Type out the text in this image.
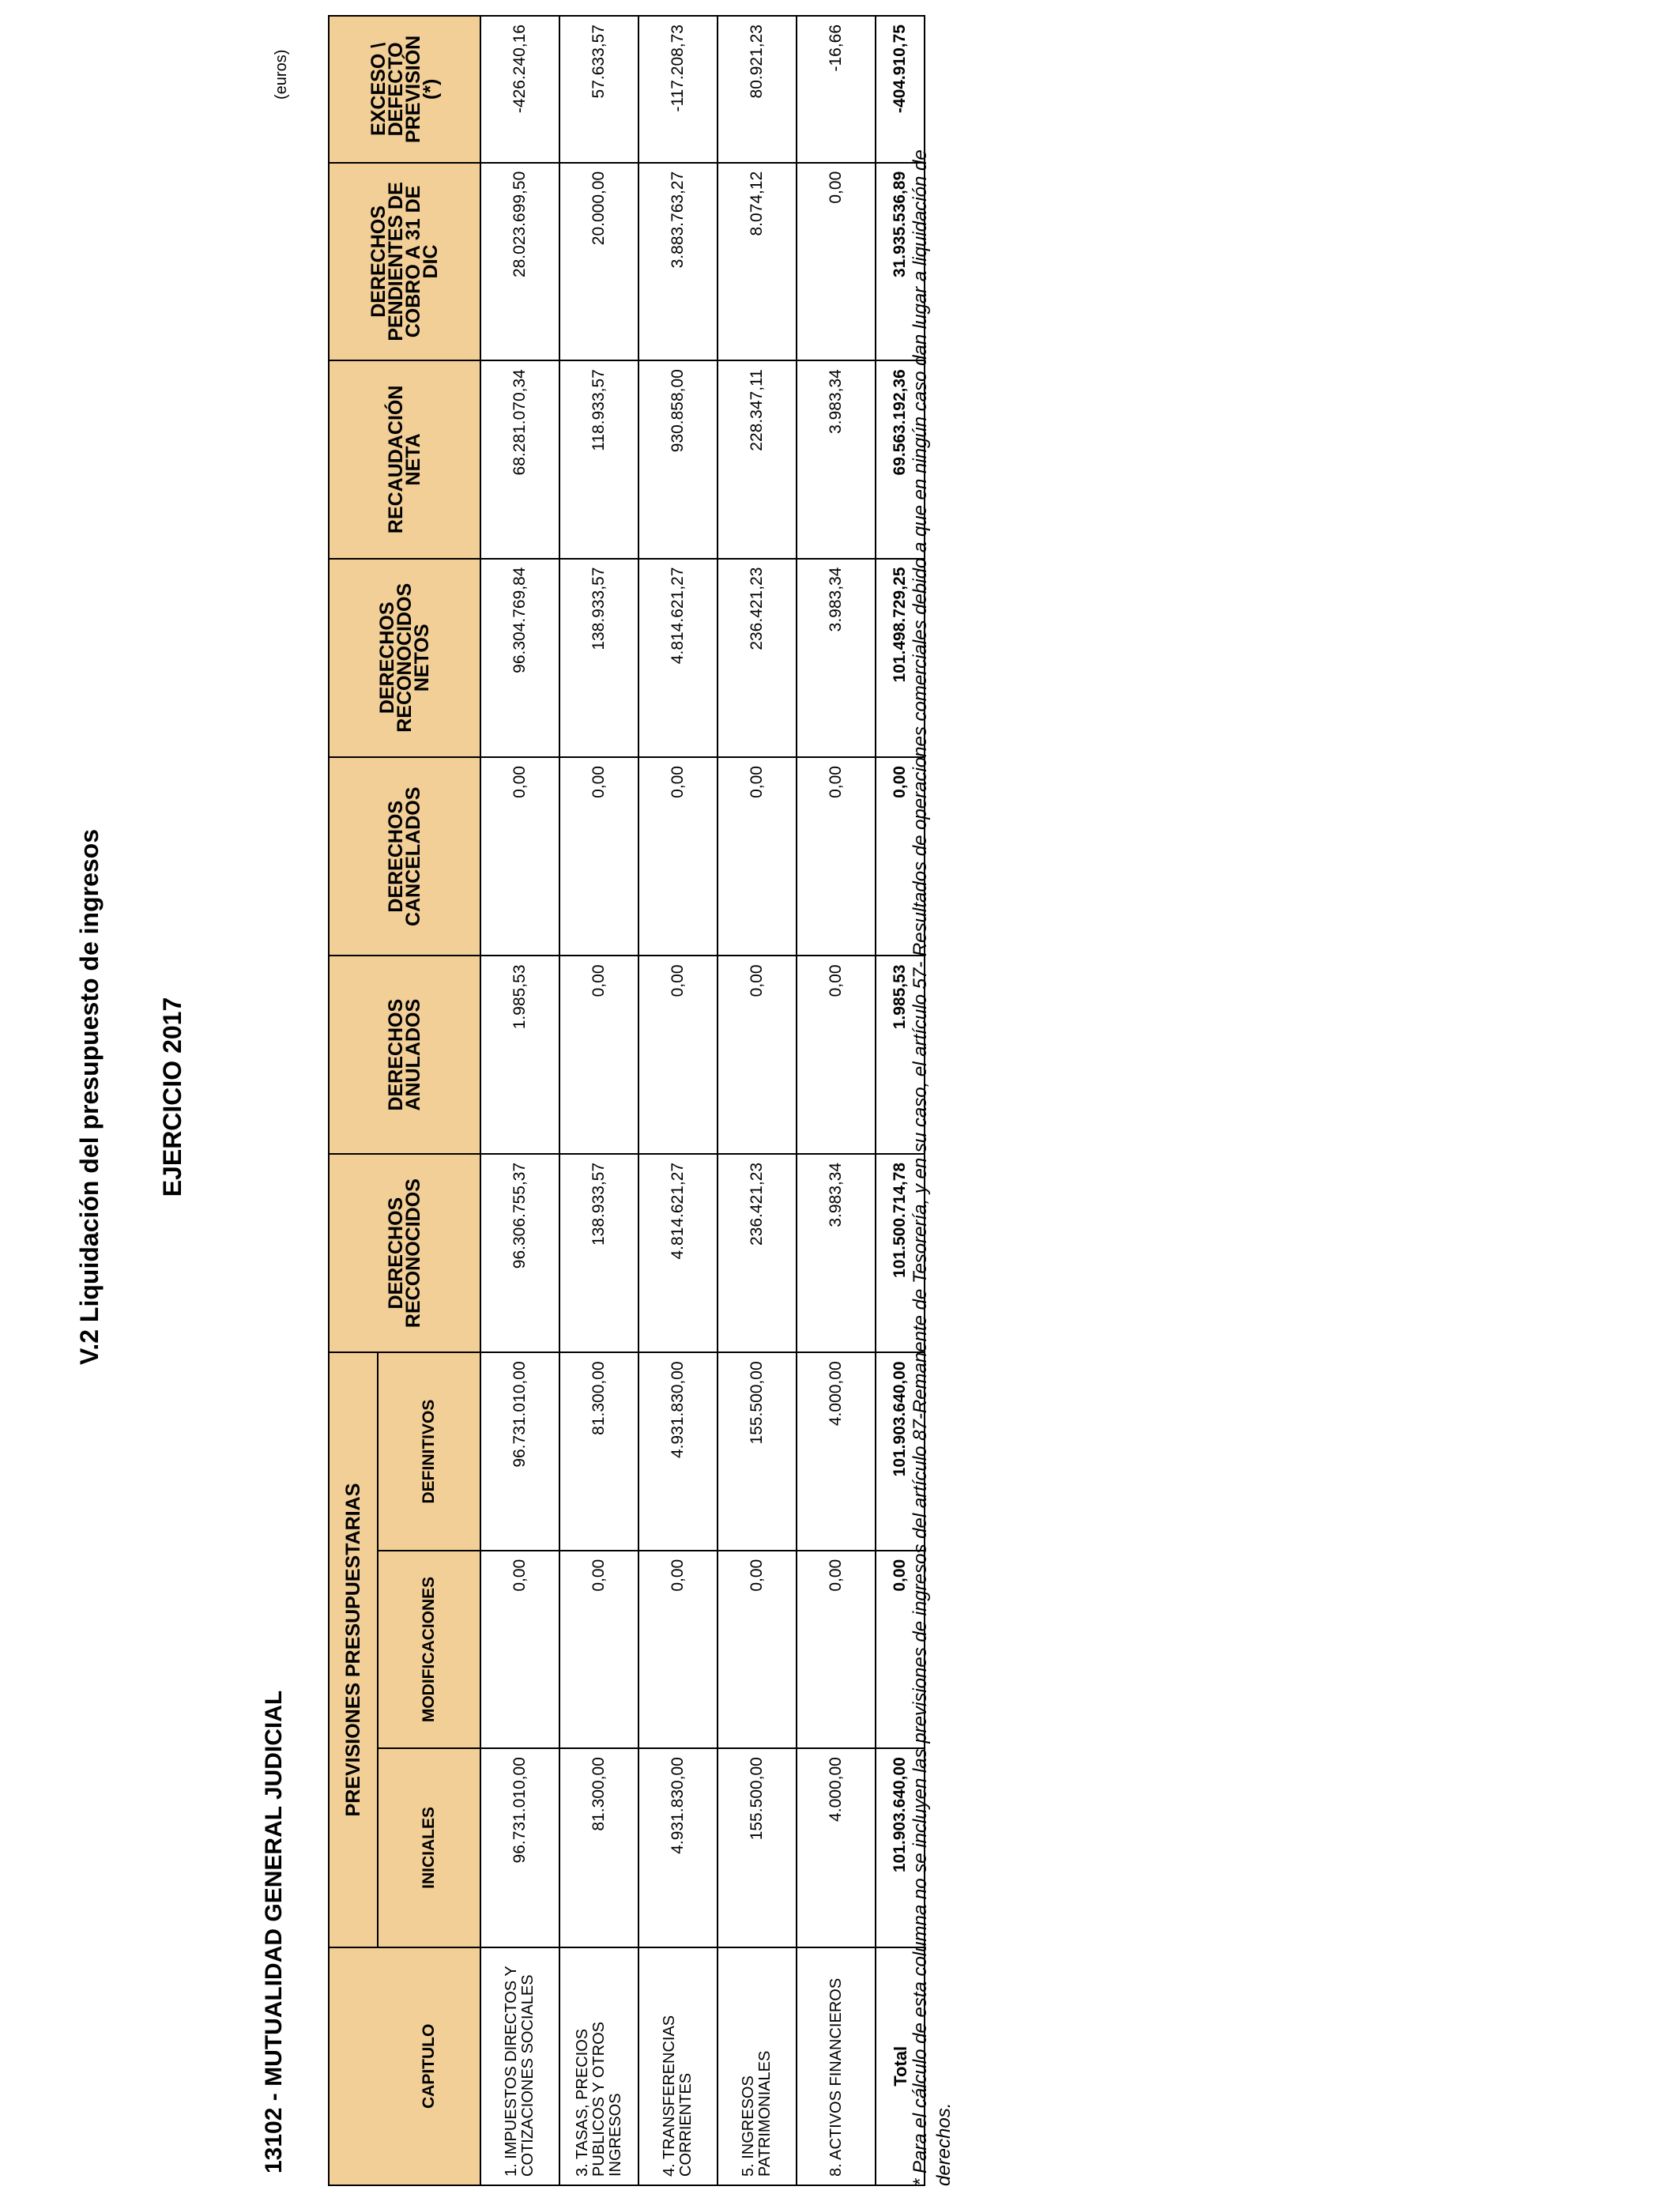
V.2 Liquidación del presupuesto de ingresos EJERCICIO 2017
13102 - MUTUALIDAD GENERAL JUDICIAL
(euros)
	PREVISIONES PRESUPUESTARIAS			DERECHOS RECONOCIDOS	DERECHOS ANULADOS	DERECHOS CANCELADOS	DERECHOS RECONOCIDOS NETOS	RECAUDACIÓN NETA	DERECHOS PENDIENTES DE COBRO A 31 DE DIC	EXCESO \ DEFECTO PREVISIÓN (*)
CAPITULO	INICIALES	MODIFICACIONES	DEFINITIVOS							
1. IMPUESTOS DIRECTOS Y COTIZACIONES SOCIALES	96.731.010,00	0,00	96.731.010,00	96.306.755,37	1.985,53	0,00	96.304.769,84	68.281.070,34	28.023.699,50	-426.240,16
3. TASAS, PRECIOS PUBLICOS Y OTROS INGRESOS	81.300,00	0,00	81.300,00	138.933,57	0,00	0,00	138.933,57	118.933,57	20.000,00	57.633,57
4. TRANSFERENCIAS CORRIENTES	4.931.830,00	0,00	4.931.830,00	4.814.621,27	0,00	0,00	4.814.621,27	930.858,00	3.883.763,27	-117.208,73
5. INGRESOS PATRIMONIALES	155.500,00	0,00	155.500,00	236.421,23	0,00	0,00	236.421,23	228.347,11	8.074,12	80.921,23
8. ACTIVOS FINANCIEROS	4.000,00	0,00	4.000,00	3.983,34	0,00	0,00	3.983,34	3.983,34	0,00	-16,66
Total	101.903.640,00	0,00	101.903.640,00	101.500.714,78	1.985,53	0,00	101.498.729,25	69.563.192,36	31.935.536,89	-404.910,75
* Para el cálculo de esta columna no se incluyen las previsiones de ingresos del artículo 87-Remanente de Tesorería, y en su caso, el artículo 57- Resultados de operaciones comerciales debido a que en ningún caso dan lugar a liquidación de derechos.
